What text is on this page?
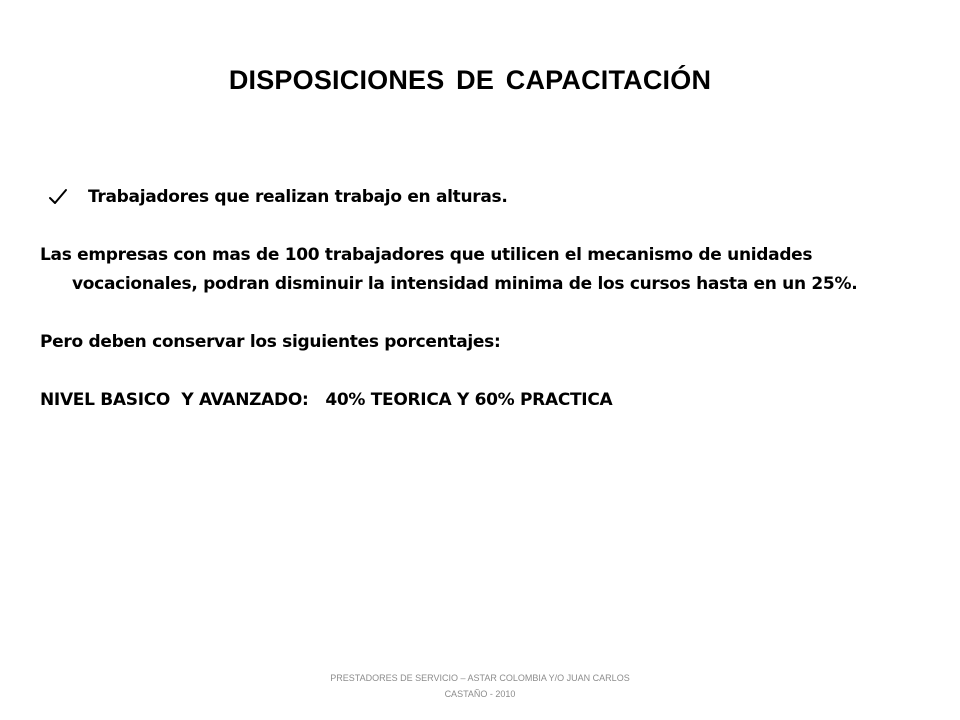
DISPOSICIONES DE CAPACITACIÓN
Trabajadores que realizan trabajo en alturas.
Las empresas con mas de 100 trabajadores que utilicen el mecanismo de unidades vocacionales, podran disminuir la intensidad minima de los cursos hasta en un 25%.
Pero deben conservar los siguientes porcentajes:
NIVEL BASICO  Y AVANZADO:   40% TEORICA Y 60% PRACTICA
PRESTADORES DE SERVICIO – ASTAR COLOMBIA Y/O JUAN CARLOS CASTAÑO - 2010
